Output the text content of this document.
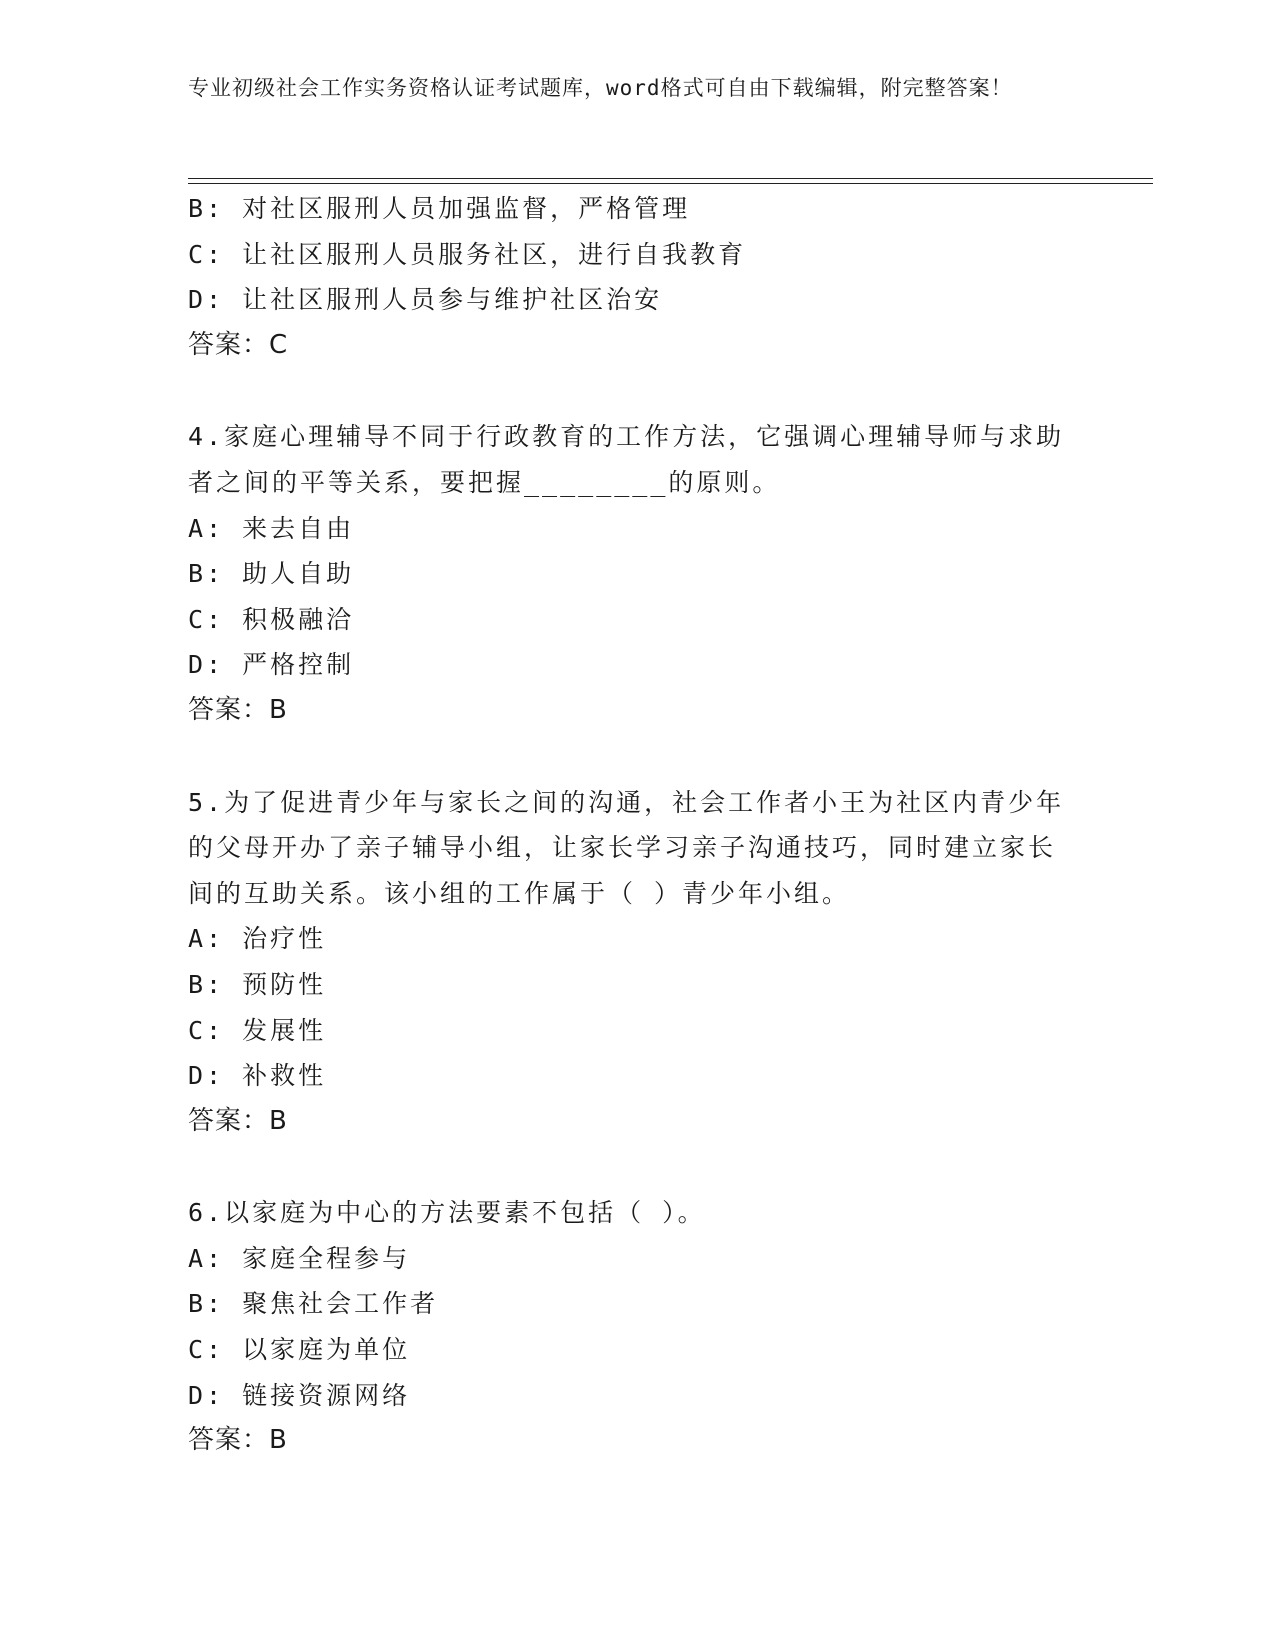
专业初级社会工作实务资格认证考试题库，word格式可自由下载编辑，附完整答案！
B: 对社区服刑人员加强监督，严格管理
C: 让社区服刑人员服务社区，进行自我教育
D: 让社区服刑人员参与维护社区治安
答案：C
4.家庭心理辅导不同于行政教育的工作方法，它强调心理辅导师与求助者之间的平等关系，要把握________的原则。
A: 来去自由
B: 助人自助
C: 积极融洽
D: 严格控制
答案：B
5.为了促进青少年与家长之间的沟通，社会工作者小王为社区内青少年的父母开办了亲子辅导小组，让家长学习亲子沟通技巧，同时建立家长间的互助关系。该小组的工作属于（ ）青少年小组。
A: 治疗性
B: 预防性
C: 发展性
D: 补救性
答案：B
6.以家庭为中心的方法要素不包括（ ）。
A: 家庭全程参与
B: 聚焦社会工作者
C: 以家庭为单位
D: 链接资源网络
答案：B
